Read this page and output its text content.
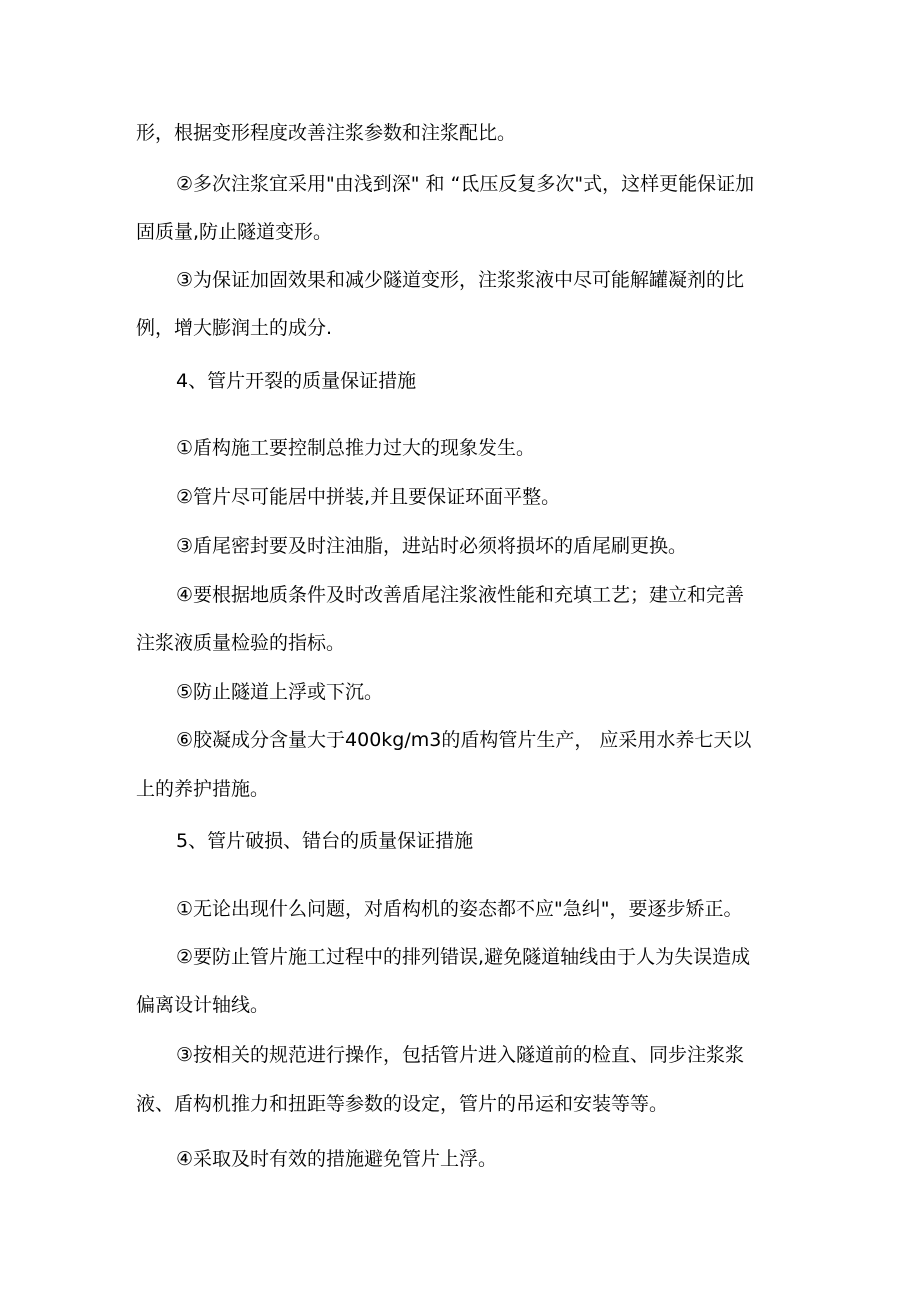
形，根据变形程度改善注浆参数和注浆配比。
②多次注浆宜采用"由浅到深" 和 “氐压反复多次"式，这样更能保证加
固质量,防止隧道变形。
③为保证加固效果和减少隧道变形，注浆浆液中尽可能解罐凝剂的比
例，增大膨润土的成分.
4、管片开裂的质量保证措施
①盾构施工要控制总推力过大的现象发生。
②管片尽可能居中拼装,并且要保证环面平整。
③盾尾密封要及时注油脂，进站时必须将损坏的盾尾刷更换。
④要根据地质条件及时改善盾尾注浆液性能和充填工艺；建立和完善
注浆液质量检验的指标。
⑤防止隧道上浮或下沉。
⑥胶凝成分含量大于400kg/m3的盾构管片生产， 应采用水养七天以
上的养护措施。
5、管片破损、错台的质量保证措施
①无论出现什么问题，对盾构机的姿态都不应"急纠"，要逐步矫正。
②要防止管片施工过程中的排列错误,避免隧道轴线由于人为失误造成
偏离设计轴线。
③按相关的规范进行操作，包括管片进入隧道前的检直、同步注浆浆
液、盾构机推力和扭距等参数的设定，管片的吊运和安装等等。
④采取及时有效的措施避免管片上浮。
